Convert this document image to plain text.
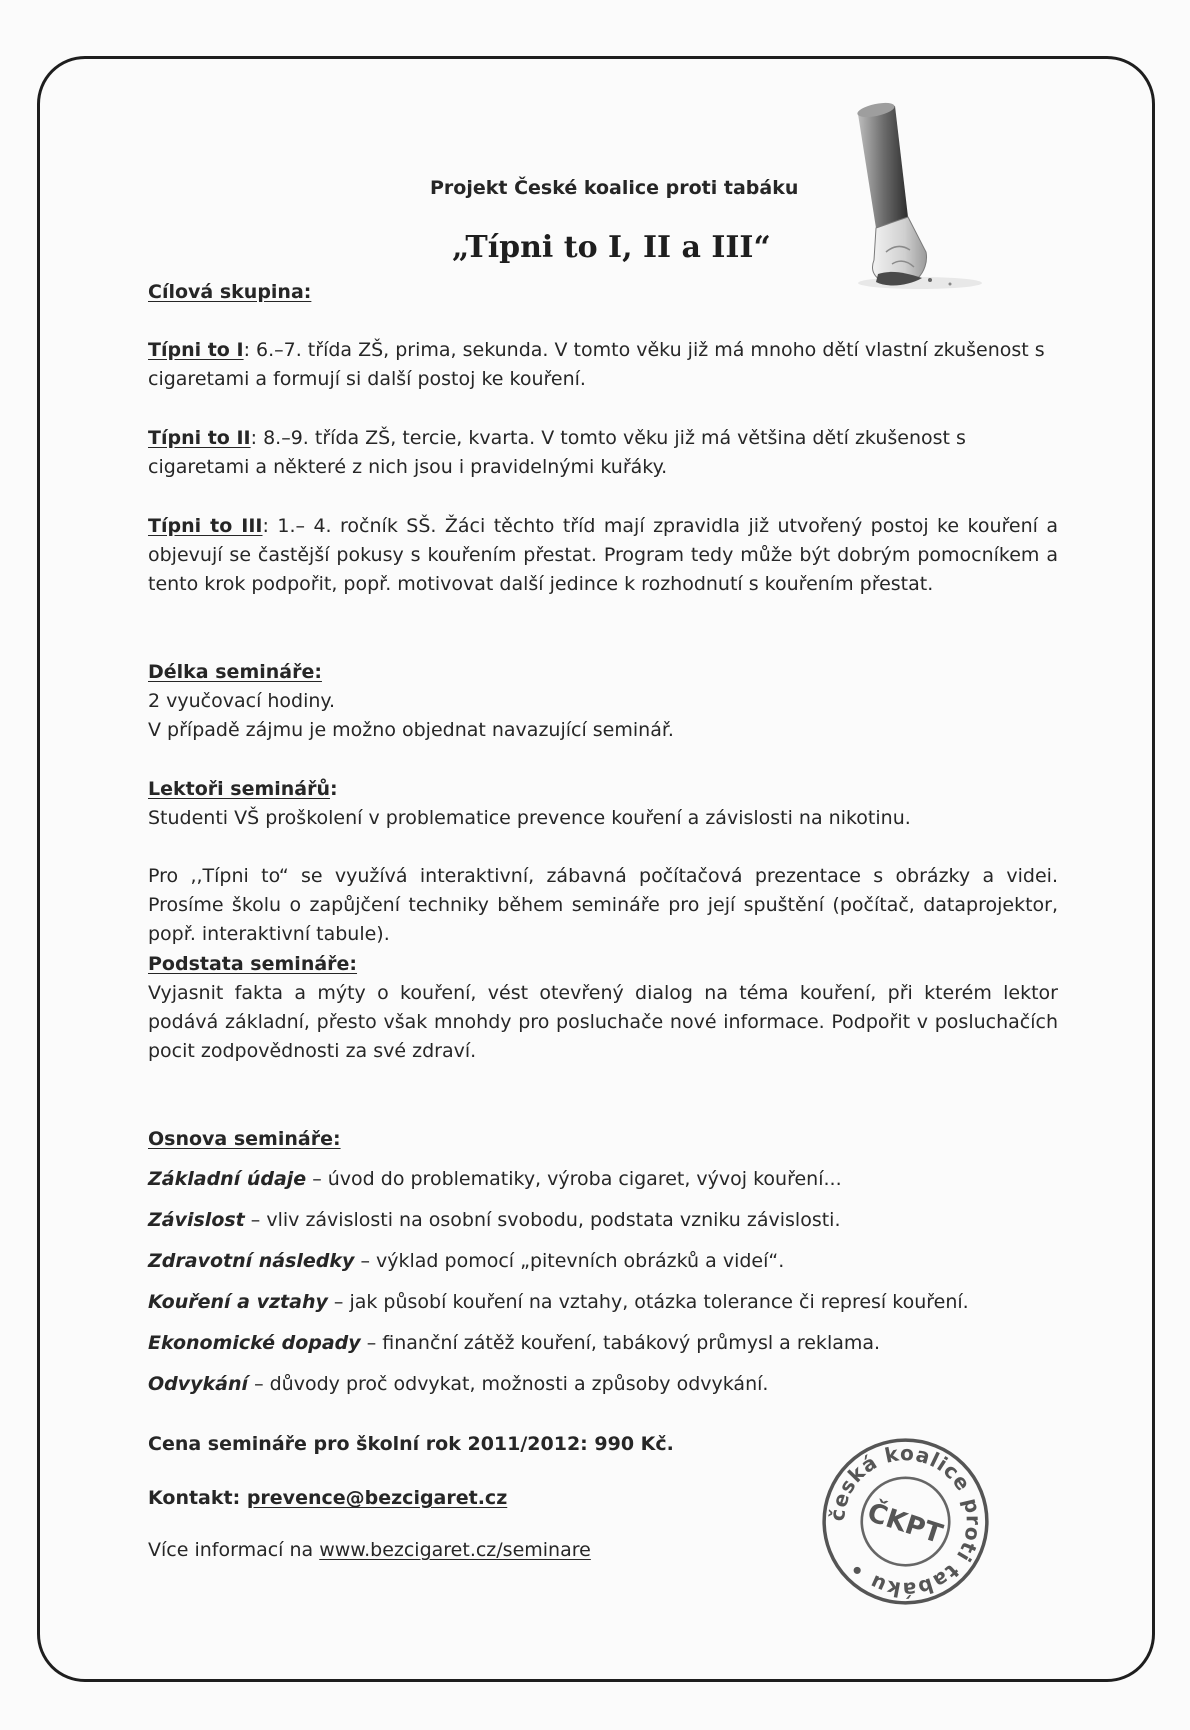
Projekt České koalice proti tabáku
„Típni to I, II a III“
Cílová skupina:
Típni to I: 6.–7. třída ZŠ, prima, sekunda. V tomto věku již má mnoho dětí vlastní zkušenost s cigaretami a formují si další postoj ke kouření.
Típni to II: 8.–9. třída ZŠ, tercie, kvarta. V tomto věku již má většina dětí zkušenost s cigaretami a některé z nich jsou i pravidelnými kuřáky.
Típni to III: 1.– 4. ročník SŠ. Žáci těchto tříd mají zpravidla již utvořený postoj ke kouření a objevují se častější pokusy s kouřením přestat. Program tedy může být dobrým pomocníkem a tento krok podpořit, popř. motivovat další jedince k rozhodnutí s kouřením přestat.
Délka semináře:
2 vyučovací hodiny.
V případě zájmu je možno objednat navazující seminář.
Lektoři seminářů:
Studenti VŠ proškolení v problematice prevence kouření a závislosti na nikotinu.
Pro ,,Típni to“ se využívá interaktivní, zábavná počítačová prezentace s obrázky a videi. Prosíme školu o zapůjčení techniky během semináře pro její spuštění (počítač, dataprojektor, popř. interaktivní tabule).
Podstata semináře:
Vyjasnit fakta a mýty o kouření, vést otevřený dialog na téma kouření, při kterém lektor podává základní, přesto však mnohdy pro posluchače nové informace. Podpořit v posluchačích pocit zodpovědnosti za své zdraví.
Osnova semináře:
Základní údaje – úvod do problematiky, výroba cigaret, vývoj kouření...
Závislost – vliv závislosti na osobní svobodu, podstata vzniku závislosti.
Zdravotní následky – výklad pomocí „pitevních obrázků a videí“.
Kouření a vztahy – jak působí kouření na vztahy, otázka tolerance či represí kouření.
Ekonomické dopady – finanční zátěž kouření, tabákový průmysl a reklama.
Odvykání – důvody proč odvykat, možnosti a způsoby odvykání.
Cena semináře pro školní rok 2011/2012: 990 Kč.
Kontakt: prevence@bezcigaret.cz
Více informací na www.bezcigaret.cz/seminare
česká koalice proti tabáku •
ČKPT
